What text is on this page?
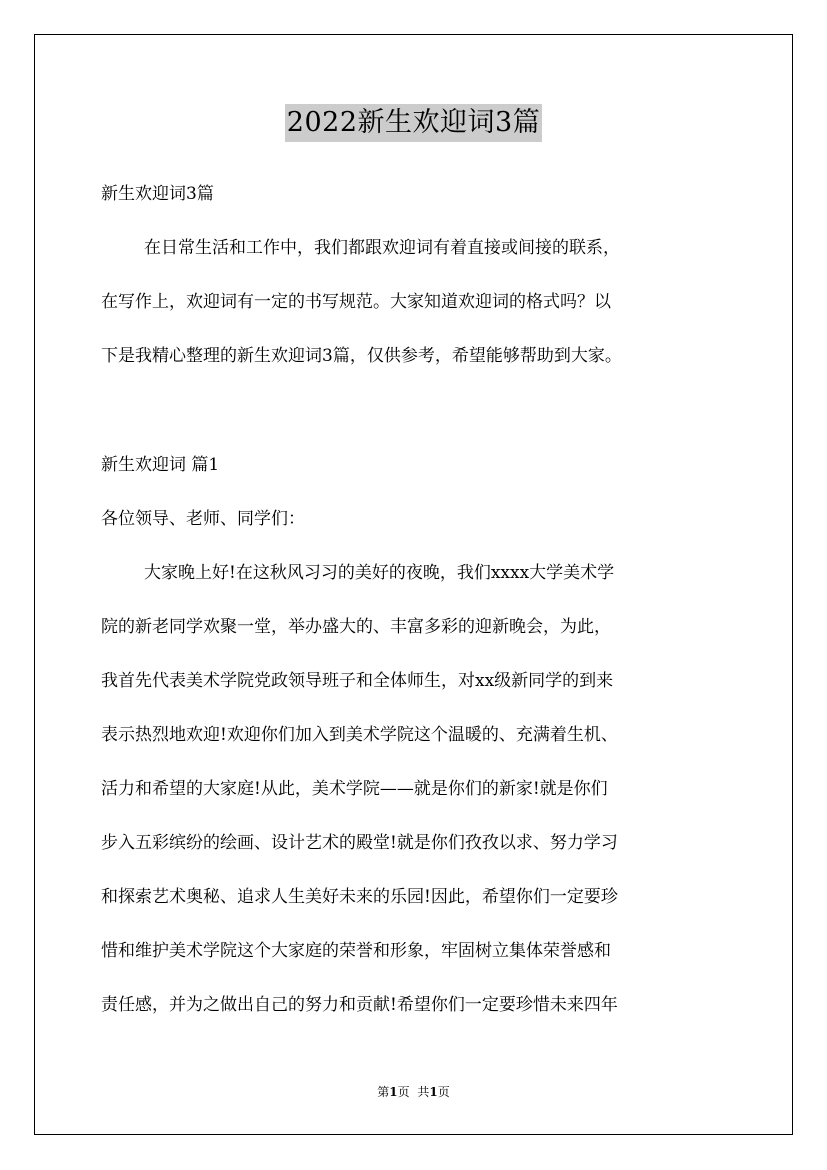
2022新生欢迎词3篇
新生欢迎词3篇
在日常生活和工作中，我们都跟欢迎词有着直接或间接的联系，
在写作上，欢迎词有一定的书写规范。大家知道欢迎词的格式吗？以
下是我精心整理的新生欢迎词3篇，仅供参考，希望能够帮助到大家。
新生欢迎词 篇1
各位领导、老师、同学们：
大家晚上好!在这秋风习习的美好的夜晚，我们xxxx大学美术学
院的新老同学欢聚一堂，举办盛大的、丰富多彩的迎新晚会，为此，
我首先代表美术学院党政领导班子和全体师生，对xx级新同学的到来
表示热烈地欢迎!欢迎你们加入到美术学院这个温暖的、充满着生机、
活力和希望的大家庭!从此，美术学院——就是你们的新家!就是你们
步入五彩缤纷的绘画、设计艺术的殿堂!就是你们孜孜以求、努力学习
和探索艺术奥秘、追求人生美好未来的乐园!因此，希望你们一定要珍
惜和维护美术学院这个大家庭的荣誉和形象，牢固树立集体荣誉感和
责任感，并为之做出自己的努力和贡献!希望你们一定要珍惜未来四年
第1页 共1页
